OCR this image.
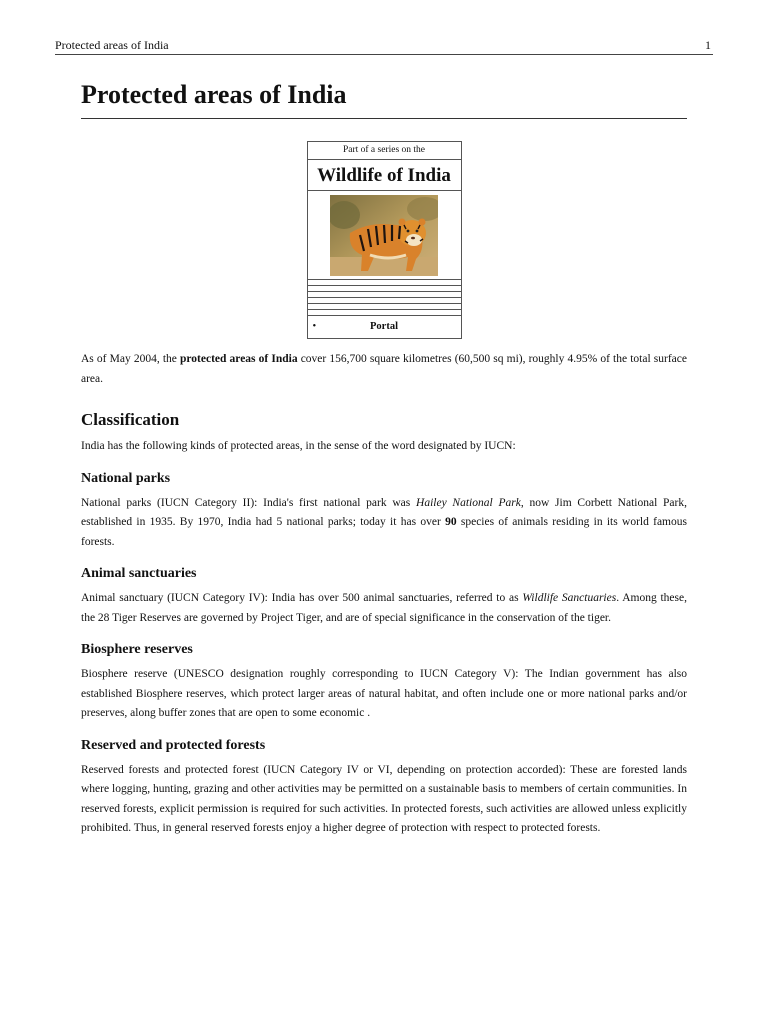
Protected areas of India	1
Protected areas of India
Part of a series on the
Wildlife of India
•	Portal

As of May 2004, the protected areas of India cover 156,700 square kilometres (60,500 sq mi), roughly 4.95% of the total surface area.

Classification

India has the following kinds of protected areas, in the sense of the word designated by IUCN:

National parks

National parks (IUCN Category II): India's first national park was Hailey National Park, now Jim Corbett National Park, established in 1935. By 1970, India had 5 national parks; today it has over 90 species of animals residing in its world famous forests.

Animal sanctuaries

Animal sanctuary (IUCN Category IV): India has over 500 animal sanctuaries, referred to as Wildlife Sanctuaries. Among these, the 28 Tiger Reserves are governed by Project Tiger, and are of special significance in the conservation of the tiger.

Biosphere reserves

Biosphere reserve (UNESCO designation roughly corresponding to IUCN Category V): The Indian government has also established Biosphere reserves, which protect larger areas of natural habitat, and often include one or more national parks and/or preserves, along buffer zones that are open to some economic .

Reserved and protected forests

Reserved forests and protected forest (IUCN Category IV or VI, depending on protection accorded): These are forested lands where logging, hunting, grazing and other activities may be permitted on a sustainable basis to members of certain communities. In reserved forests, explicit permission is required for such activities. In protected forests, such activities are allowed unless explicitly prohibited. Thus, in general reserved forests enjoy a higher degree of protection with respect to protected forests.
